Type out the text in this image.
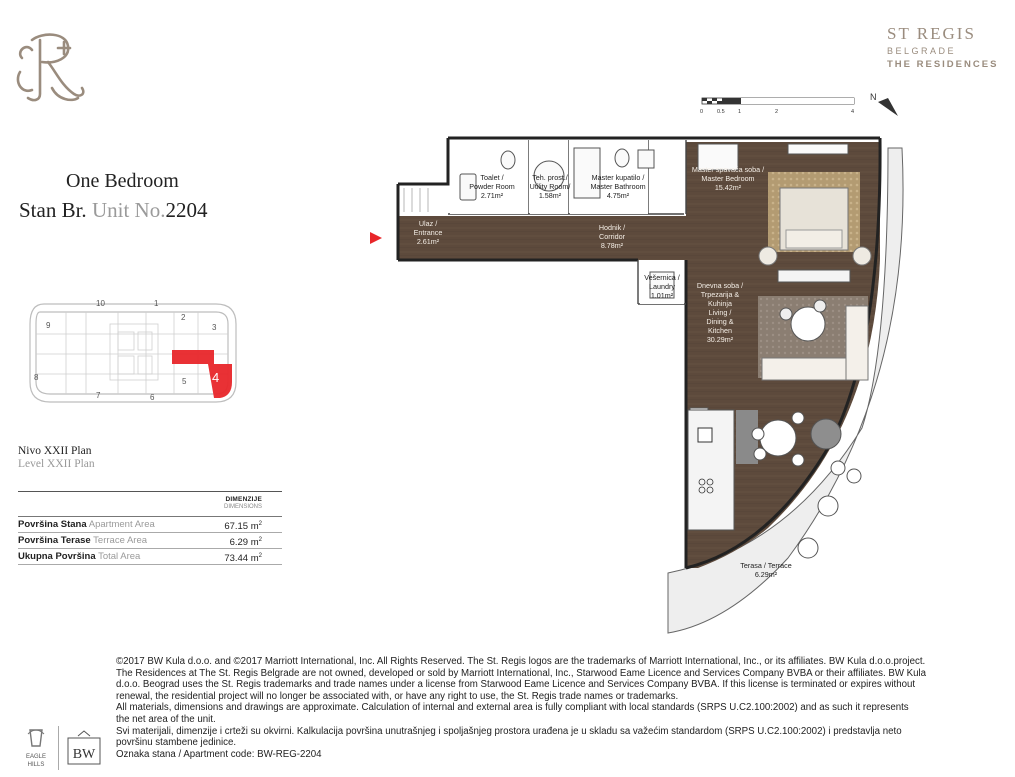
ST REGIS
BELGRADE
THE RESIDENCES
One Bedroom
Stan Br. Unit No.2204
10	1
2
3
5
6
7
8
9
4
Nivo XXII Plan
Level XXII Plan
DIMENZIJE
DIMENSIONS
Površina Stana Apartment Area	67.15 $m^2$
Površina Terase Terrace Area	6.29 $m^2$
Ukupna Površina Total Area	73.44 $m^2$
0	0.5 1	2	4
N
Toalet /
Powder Room
2.71m²
Teh. prost./
Utility Room/
1.58m²
Master kupatilo /
Master Bathroom
4.75m²
Master spavaća soba /
Master Bedroom
15.42m²
Ulaz /
Entrance
2.61m²
Hodnik /
Corridor
8.78m²
Vešernica /
Laundry
1.01m²
Dnevna soba /
Trpezarija &
Kuhinja
Living /
Dining &
Kitchen
30.29m²
Terasa / Terrace
6.29m²

©2017 BW Kula d.o.o. and ©2017 Marriott International, Inc. All Rights Reserved. The St. Regis logos are the trademarks of Marriott International, Inc., or its affiliates. BW Kula d.o.o.project.

The Residences at The St. Regis Belgrade are not owned, developed or sold by Marriott International, Inc., Starwood Eame Licence and Services Company BVBA or their affiliates. BW Kula

d.o.o. Beograd uses the St. Regis trademarks and trade names under a license from Starwood Eame Licence and Services Company BVBA. If this license is terminated or expires without

renewal, the residential project will no longer be associated with, or have any right to use, the St. Regis trade names or trademarks.

All materials, dimensions and drawings are approximate. Calculation of internal and external area is fully compliant with local standards (SRPS U.C2.100:2002) and as such it represents

the net area of the unit.

Svi materijali, dimenzije i crteži su okvirni. Kalkulacija površina unutrašnjeg i spoljašnjeg prostora urađena je u skladu sa važećim standardom (SRPS U.C2.100:2002) i predstavlja neto

površinu stambene jedinice.

Oznaka stana / Apartment code: BW-REG-2204

EAGLE
HILLS
BW
